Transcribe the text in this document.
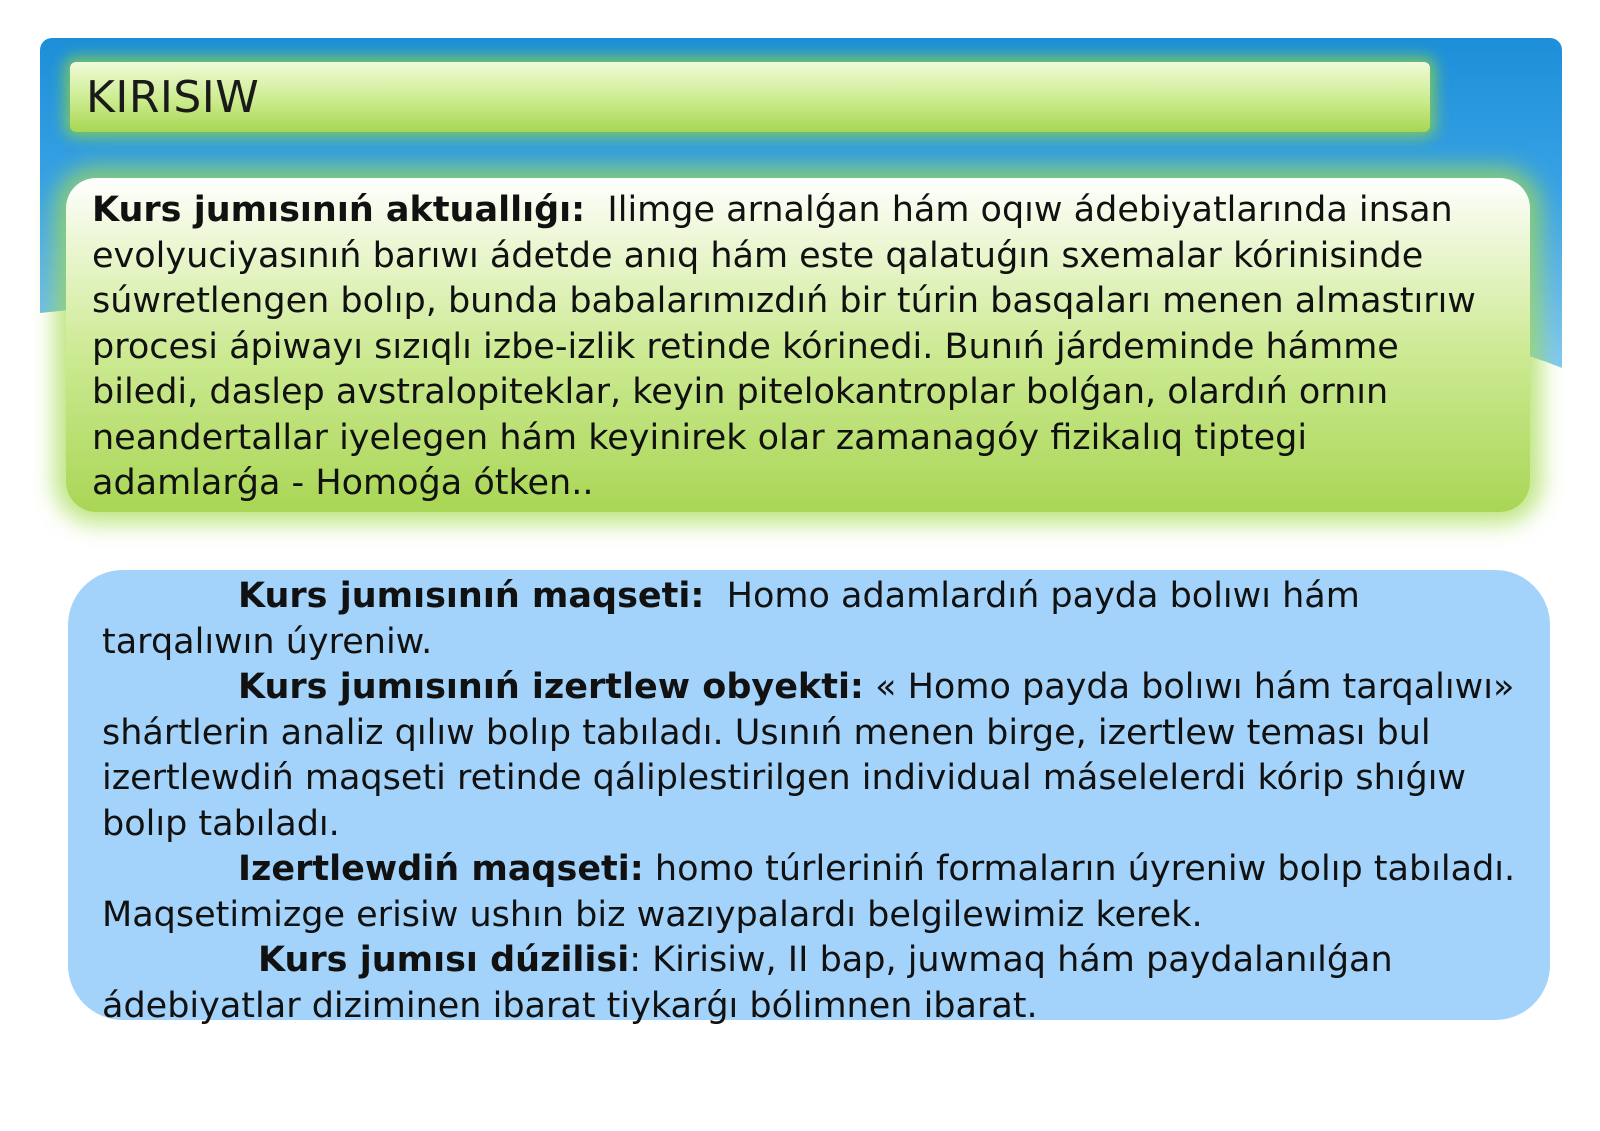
KIRISIW

Kurs jumısınıń aktuallıǵı: Ilimge arnalǵan hám oqıw ádebiyatlarında insan evolyuciyasınıń barıwı ádetde anıq hám este qalatuǵın sxemalar kórinisinde súwretlengen bolıp, bunda babalarımızdıń bir túrin basqaları menen almastırıw procesi ápiwayı sızıqlı izbe-izlik retinde kórinedi. Bunıń járdeminde hámme biledi, daslep avstralopiteklar, keyin pitelokantroplar bolǵan, olardıń ornın neandertallar iyelegen hám keyinirek olar zamanagóy fizikalıq tiptegi adamlarǵa - Homoǵa ótken..

Kurs jumısınıń maqseti: Homo adamlardıń payda bolıwı hám tarqalıwın úyreniw.

Kurs jumısınıń izertlew obyekti: « Homo payda bolıwı hám tarqalıwı» shártlerin analiz qılıw bolıp tabıladı. Usınıń menen birge, izertlew teması bul izertlewdiń maqseti retinde qáliplestirilgen individual máselelerdi kórip shıǵıw bolıp tabıladı.

Izertlewdiń maqseti: homo túrleriniń formaların úyreniw bolıp tabıladı. Maqsetimizge erisiw ushın biz wazıypalardı belgilewimiz kerek.

Kurs jumısı dúzilisi: Kirisiw, II bap, juwmaq hám paydalanılǵan ádebiyatlar diziminen ibarat tiykarǵı bólimnen ibarat.
